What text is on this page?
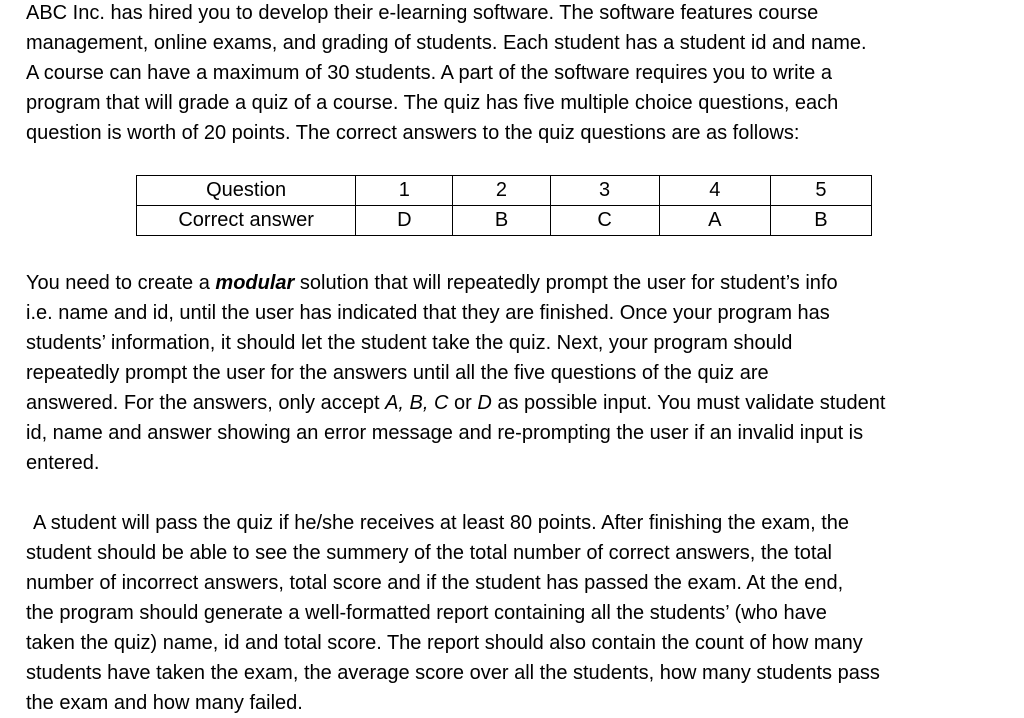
ABC Inc. has hired you to develop their e-learning software. The software features course
management, online exams, and grading of students. Each student has a student id and name.
A course can have a maximum of 30 students. A part of the software requires you to write a
program that will grade a quiz of a course. The quiz has five multiple choice questions, each
question is worth of 20 points. The correct answers to the quiz questions are as follows:
Question	1	2	3	4	5
Correct answer	D	B	C	A	B
You need to create a modular solution that will repeatedly prompt the user for student’s info
i.e. name and id, until the user has indicated that they are finished. Once your program has
students’ information, it should let the student take the quiz. Next, your program should
repeatedly prompt the user for the answers until all the five questions of the quiz are
answered. For the answers, only accept A, B, C or D as possible input. You must validate student
id, name and answer showing an error message and re-prompting the user if an invalid input is
entered.
A student will pass the quiz if he/she receives at least 80 points. After finishing the exam, the
student should be able to see the summery of the total number of correct answers, the total
number of incorrect answers, total score and if the student has passed the exam. At the end,
the program should generate a well-formatted report containing all the students’ (who have
taken the quiz) name, id and total score. The report should also contain the count of how many
students have taken the exam, the average score over all the students, how many students pass
the exam and how many failed.
